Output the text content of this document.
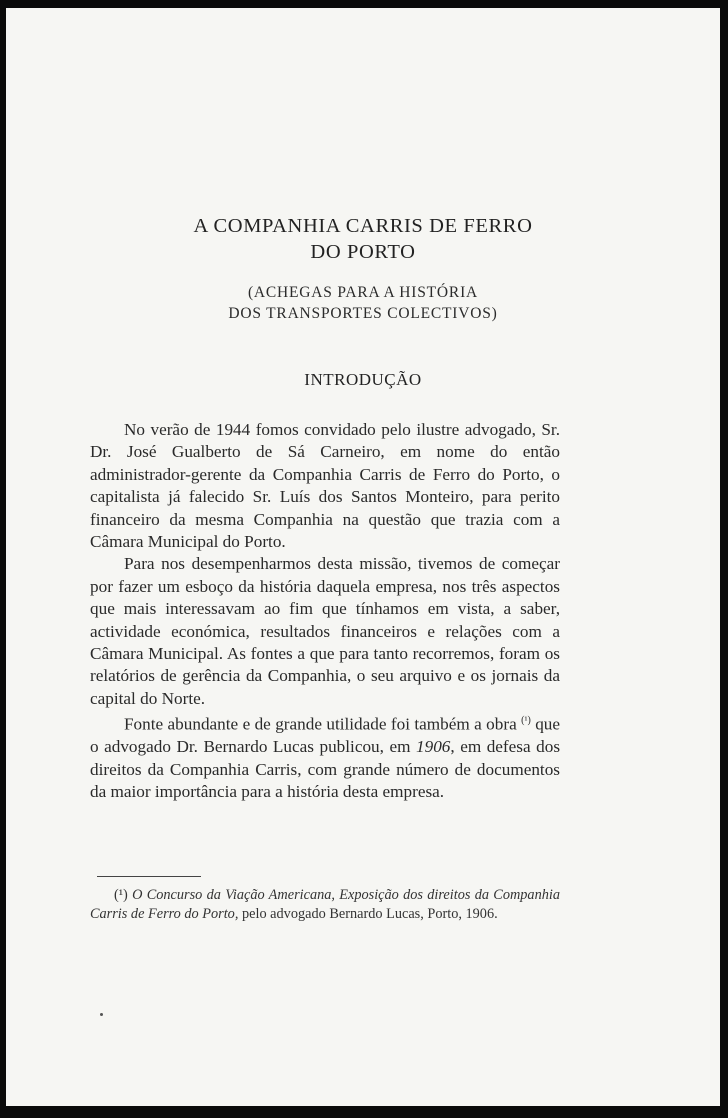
A COMPANHIA CARRIS DE FERRO
DO PORTO
(ACHEGAS PARA A HISTÓRIA
DOS TRANSPORTES COLECTIVOS)
INTRODUÇÃO

No verão de 1944 fomos convidado pelo ilustre advogado, Sr. Dr. José Gualberto de Sá Carneiro, em nome do então administrador-gerente da Companhia Carris de Ferro do Porto, o capitalista já falecido Sr. Luís dos Santos Monteiro, para perito financeiro da mesma Companhia na questão que trazia com a Câmara Municipal do Porto.

Para nos desempenharmos desta missão, tivemos de começar por fazer um esboço da história daquela empresa, nos três aspectos que mais interessavam ao fim que tínhamos em vista, a saber, actividade económica, resultados financeiros e relações com a Câmara Municipal. As fontes a que para tanto recorremos, foram os relatórios de gerência da Companhia, o seu arquivo e os jornais da capital do Norte.

Fonte abundante e de grande utilidade foi também a obra $^{(^1)}$ que o advogado Dr. Bernardo Lucas publicou, em 1906, em defesa dos direitos da Companhia Carris, com grande número de documentos da maior importância para a história desta empresa.

(¹) O Concurso da Viação Americana, Exposição dos direitos da Companhia Carris de Ferro do Porto, pelo advogado Bernardo Lucas, Porto, 1906.
